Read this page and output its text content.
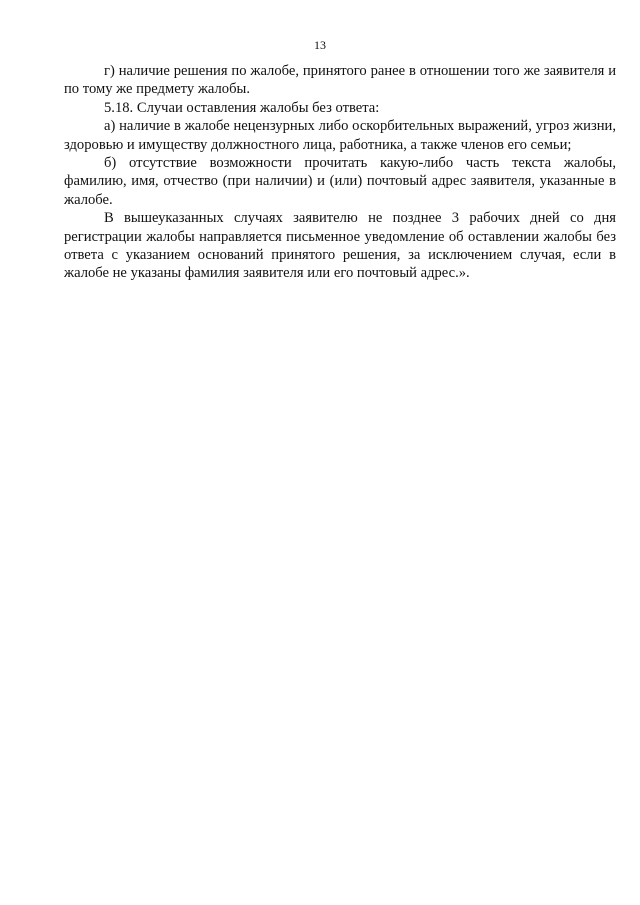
13

г) наличие решения по жалобе, принятого ранее в отношении того же заявителя и по тому же предмету жалобы.

5.18. Случаи оставления жалобы без ответа:

а) наличие в жалобе нецензурных либо оскорбительных выражений, угроз жизни, здоровью и имуществу должностного лица, работника, а также членов его семьи;

б) отсутствие возможности прочитать какую-либо часть текста жалобы, фамилию, имя, отчество (при наличии) и (или) почтовый адрес заявителя, указанные в жалобе.

В вышеуказанных случаях заявителю не позднее 3 рабочих дней со дня регистрации жалобы направляется письменное уведомление об оставлении жалобы без ответа с указанием оснований принятого решения, за исключением случая, если в жалобе не указаны фамилия заявителя или его почтовый адрес.».
